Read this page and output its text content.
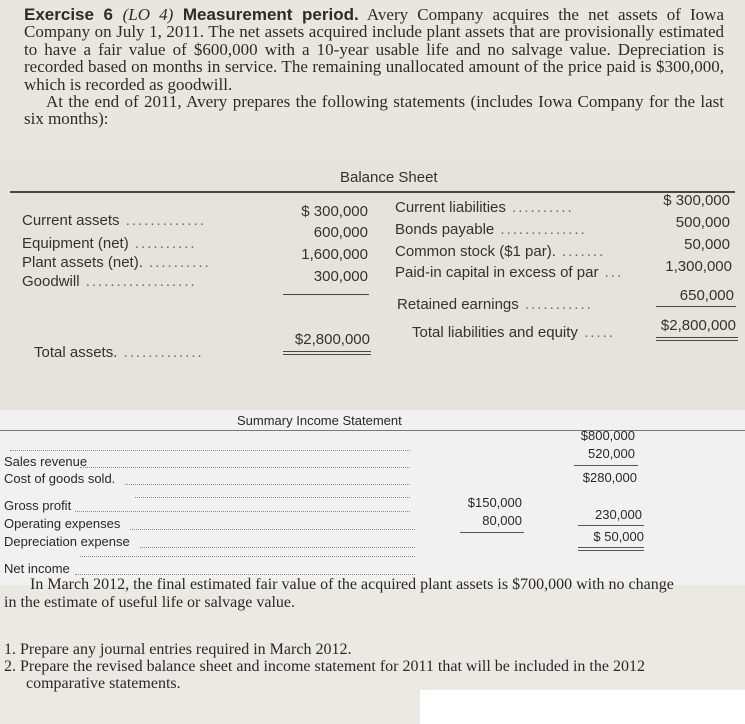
Exercise 6 (LO 4) Measurement period. Avery Company acquires the net assets of Iowa Company on July 1, 2011. The net assets acquired include plant assets that are provisionally estimated to have a fair value of $600,000 with a 10-year usable life and no salvage value. Depreciation is recorded based on months in service. The remaining unallocated amount of the price paid is $300,000, which is recorded as goodwill.

At the end of 2011, Avery prepares the following statements (includes Iowa Company for the last six months):

Balance Sheet
Current assets .............
Equipment (net) ..........
Plant assets (net). ..........
Goodwill ..................
$ 300,000
600,000
1,600,000
300,000
Total assets. .............
$2,800,000
Current liabilities ..........
Bonds payable ..............
Common stock ($1 par). .......
Paid-in capital in excess of par ...
Retained earnings ...........
Total liabilities and equity .....
$ 300,000
500,000
50,000
1,300,000
650,000
$2,800,000
Summary Income Statement
Sales revenue
Cost of goods sold.
Gross profit
Operating expenses
Depreciation expense
Net income
$150,000
80,000
$800,000
520,000
$280,000
230,000
$ 50,000

In March 2012, the final estimated fair value of the acquired plant assets is $700,000 with no change in the estimate of useful life or salvage value.

1. Prepare any journal entries required in March 2012.
2. Prepare the revised balance sheet and income statement for 2011 that will be included in the 2012 comparative statements.
